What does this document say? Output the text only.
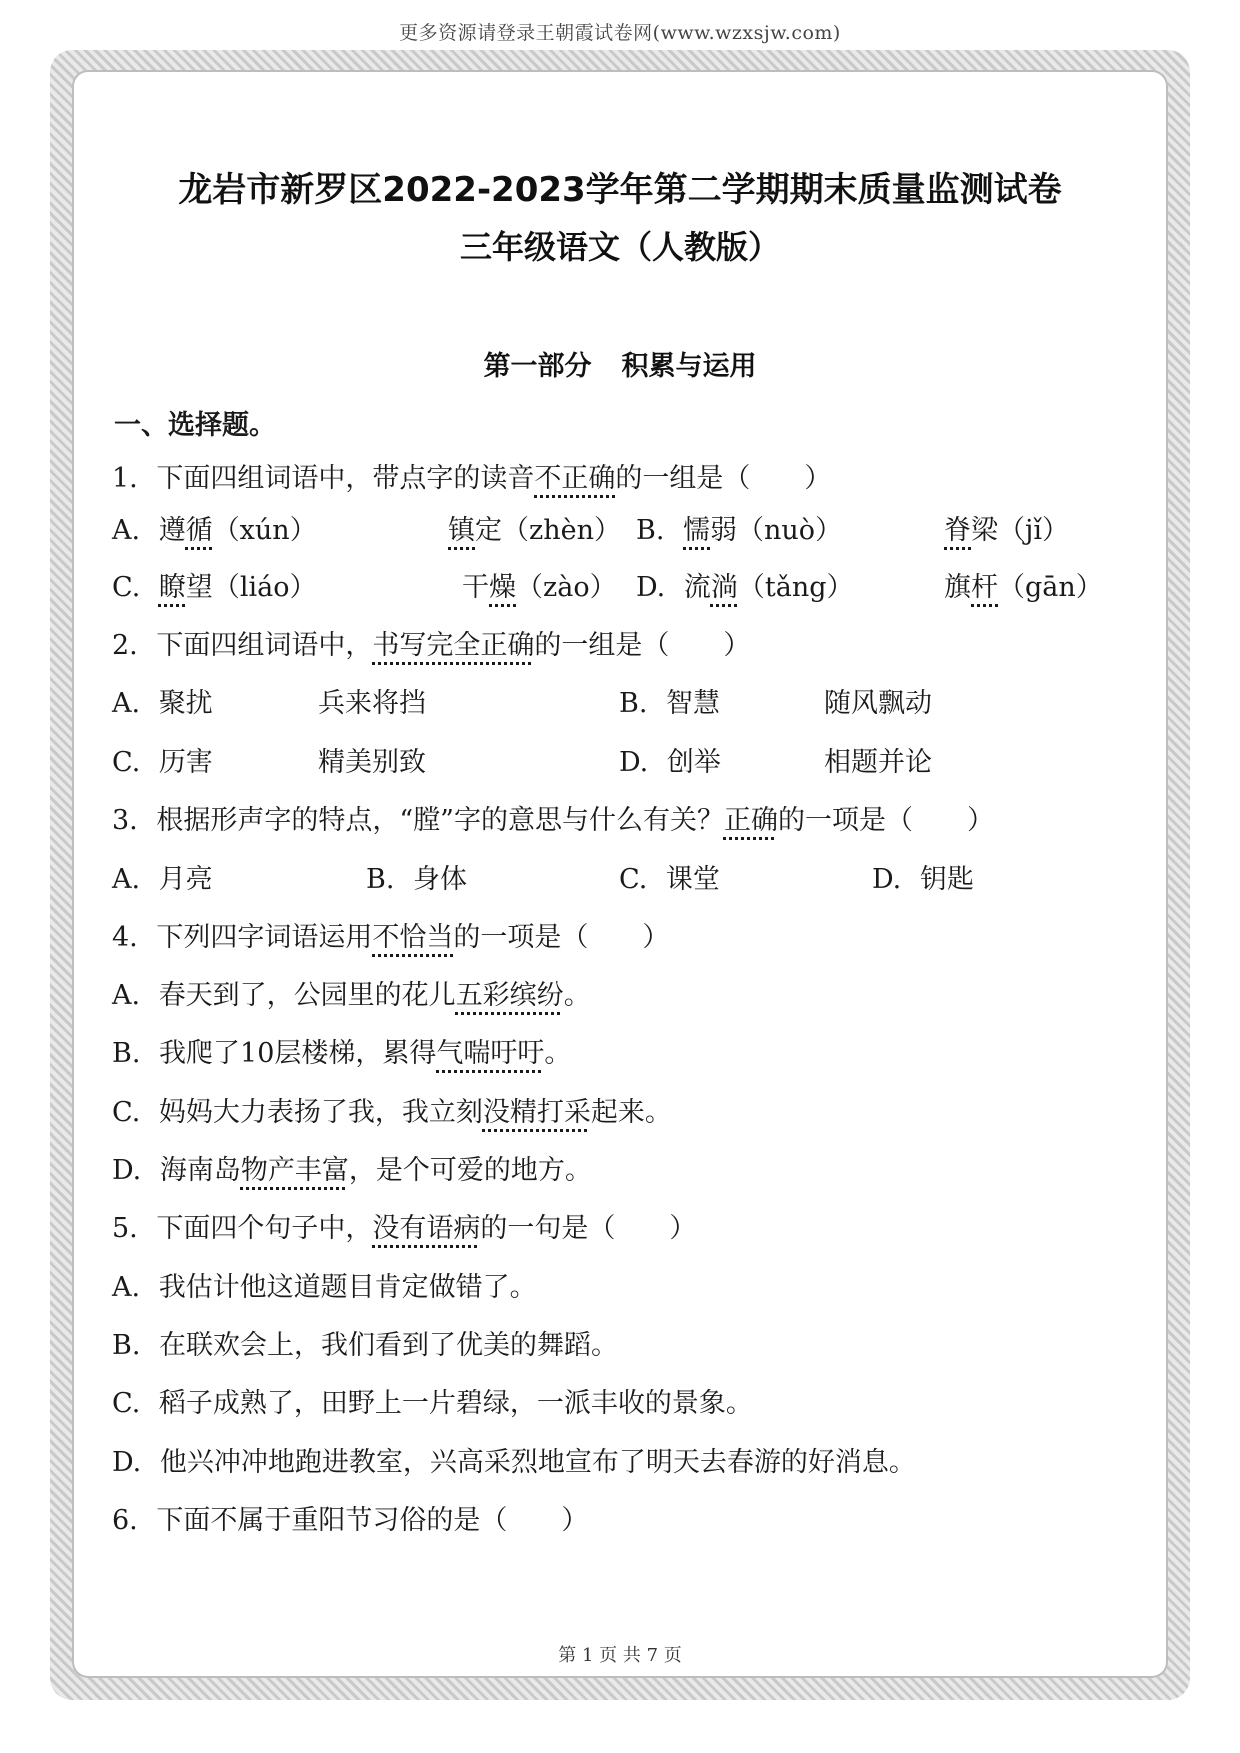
更多资源请登录王朝霞试卷网(www.wzxsjw.com)
龙岩市新罗区2022-2023学年第二学期期末质量监测试卷
三年级语文（人教版）
第一部分 积累与运用
一、选择题。
1. 下面四组词语中，带点字的读音不正确的一组是（　　）
A. 遵循（xún）	镇定（zhèn） B. 懦弱（nuò）	脊梁（jǐ）
C. 瞭望（liáo）	干燥（zào） D. 流淌（tǎng）	旗杆（gān）
2. 下面四组词语中，书写完全正确的一组是（　　）
A. 聚扰	兵来将挡	B. 智慧	随风飘动
C. 历害	精美别致	D. 创举	相题并论
3. 根据形声字的特点，“膛”字的意思与什么有关？正确的一项是（　　）
A. 月亮	B. 身体	C. 课堂	D. 钥匙
4. 下列四字词语运用不恰当的一项是（　　）
A. 春天到了，公园里的花儿五彩缤纷。
B. 我爬了10层楼梯，累得气喘吁吁。
C. 妈妈大力表扬了我，我立刻没精打采起来。
D. 海南岛物产丰富，是个可爱的地方。
5. 下面四个句子中，没有语病的一句是（　　）
A. 我估计他这道题目肯定做错了。
B. 在联欢会上，我们看到了优美的舞蹈。
C. 稻子成熟了，田野上一片碧绿，一派丰收的景象。
D. 他兴冲冲地跑进教室，兴高采烈地宣布了明天去春游的好消息。
6. 下面不属于重阳节习俗的是（　　）
第 1 页 共 7 页
